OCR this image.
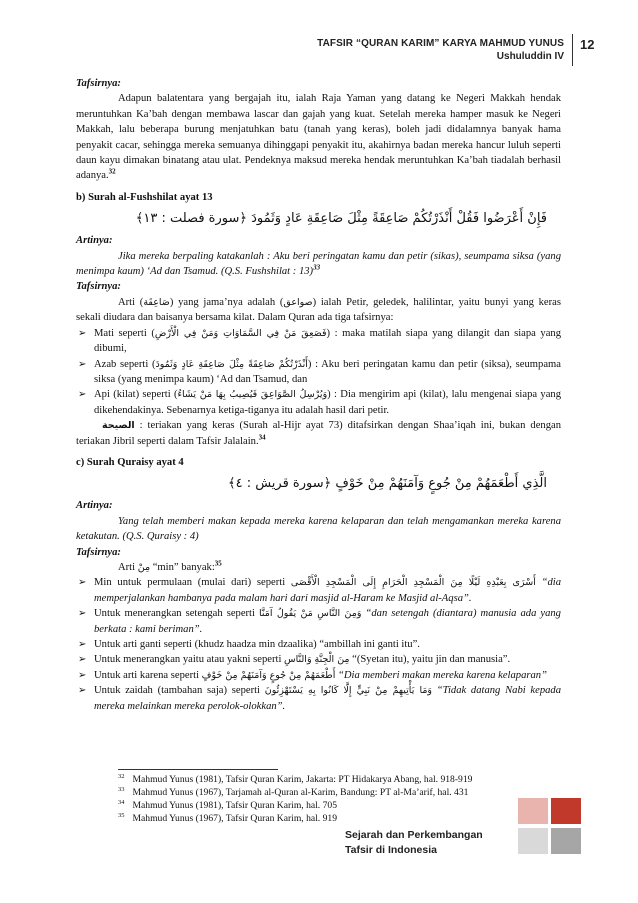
TAFSIR “QURAN KARIM” KARYA MAHMUD YUNUS
Ushuluddin IV
12

Tafsirnya:

Adapun balatentara yang bergajah itu, ialah Raja Yaman yang datang ke Negeri Makkah hendak meruntuhkan Ka’bah dengan membawa lascar dan gajah yang kuat. Setelah mereka hamper masuk ke Negeri Makkah, lalu beberapa burung menjatuhkan batu (tanah yang keras), boleh jadi didalamnya banyak hama penyakit cacar, sehingga mereka semuanya dihinggapi penyakit itu, akahirnya badan mereka hancur luluh seperti daun kayu dimakan binatang atau ulat. Pendeknya maksud mereka hendak meruntuhkan Ka’bah tiadalah berhasil adanya.$^{32}$

b) Surah al-Fushshilat ayat 13

فَإِنْ أَعْرَضُوا فَقُلْ أَنْذَرْتُكُمْ صَاعِقَةً مِثْلَ صَاعِقَةِ عَادٍ وَثَمُودَ ﴿سورة فصلت : ١٣﴾

Artinya:

Jika mereka berpaling katakanlah : Aku beri peringatan kamu dan petir (sikas), seumpama siksa (yang menimpa kaum) ‘Ad dan Tsamud. (Q.S. Fushshilat : 13)$^{33}$

Tafsirnya:

Arti (صَاعِقَة) yang jama’nya adalah (صواعق) ialah Petir, geledek, halilintar, yaitu bunyi yang keras sekali diudara dan baisanya bersama kilat. Dalam Quran ada tiga tafsirnya:

➢ Mati seperti (فَصَعِقَ مَنْ فِي السَّمَاوَاتِ وَمَنْ فِي الْأَرْضِ) : maka matilah siapa yang dilangit dan siapa yang dibumi,
➢ Azab seperti (أَنْذَرْتُكُمْ صَاعِقَةً مِثْلَ صَاعِقَةِ عَادٍ وَثَمُودَ) : Aku beri peringatan kamu dan petir (siksa), seumpama siksa (yang menimpa kaum) ‘Ad dan Tsamud, dan
➢ Api (kilat) seperti (وَيُرْسِلُ الصَّوَاعِقَ فَيُصِيبُ بِهَا مَنْ يَشَاءُ) : Dia mengirim api (kilat), lalu mengenai siapa yang dikehendakinya. Sebenarnya ketiga-tiganya itu adalah hasil dari petir.

الصيحة : teriakan yang keras (Surah al-Hijr ayat 73) ditafsirkan dengan Shaa’iqah ini, bukan dengan teriakan Jibril seperti dalam Tafsir Jalalain.$^{34}$

c) Surah Quraisy ayat 4

الَّذِي أَطْعَمَهُمْ مِنْ جُوعٍ وَآمَنَهُمْ مِنْ خَوْفٍ ﴿سورة قريش : ٤﴾

Artinya:

Yang telah memberi makan kepada mereka karena kelaparan dan telah mengamankan mereka karena ketakutan. (Q.S. Quraisy : 4)

Tafsirnya:

Arti مِنْ “min” banyak:$^{35}$

➢ Min untuk permulaan (mulai dari) seperti أَسْرَى بِعَبْدِهِ لَيْلًا مِنَ الْمَسْجِدِ الْحَرَامِ إِلَى الْمَسْجِدِ الْأَقْصَى “dia memperjalankan hambanya pada malam hari dari masjid al-Haram ke Masjid al-Aqsa”.
➢ Untuk menerangkan setengah seperti وَمِنَ النَّاسِ مَنْ يَقُولُ آمَنَّا “dan setengah (diantara) manusia ada yang berkata : kami beriman”.
➢ Untuk arti ganti seperti (khudz haadza min dzaalika) “ambillah ini ganti itu”.
➢ Untuk menerangkan yaitu atau yakni seperti مِنَ الْجِنَّةِ وَالنَّاسِ “(Syetan itu), yaitu jin dan manusia”.
➢ Untuk arti karena seperti أَطْعَمَهُمْ مِنْ جُوعٍ وَآمَنَهُمْ مِنْ خَوْفٍ “Dia memberi makan mereka karena kelaparan”
➢ Untuk zaidah (tambahan saja) seperti وَمَا يَأْتِيهِمْ مِنْ نَبِيٍّ إِلَّا كَانُوا بِهِ يَسْتَهْزِئُونَ “Tidak datang Nabi kepada mereka melainkan mereka perolok-olokkan”.
$^{32}$ Mahmud Yunus (1981), Tafsir Quran Karim, Jakarta: PT Hidakarya Abang, hal. 918-919
$^{33}$ Mahmud Yunus (1967), Tarjamah al-Quran al-Karim, Bandung: PT al-Ma’arif, hal. 431
$^{34}$ Mahmud Yunus (1981), Tafsir Quran Karim, hal. 705
$^{35}$ Mahmud Yunus (1967), Tafsir Quran Karim, hal. 919
Sejarah dan Perkembangan
Tafsir di Indonesia
